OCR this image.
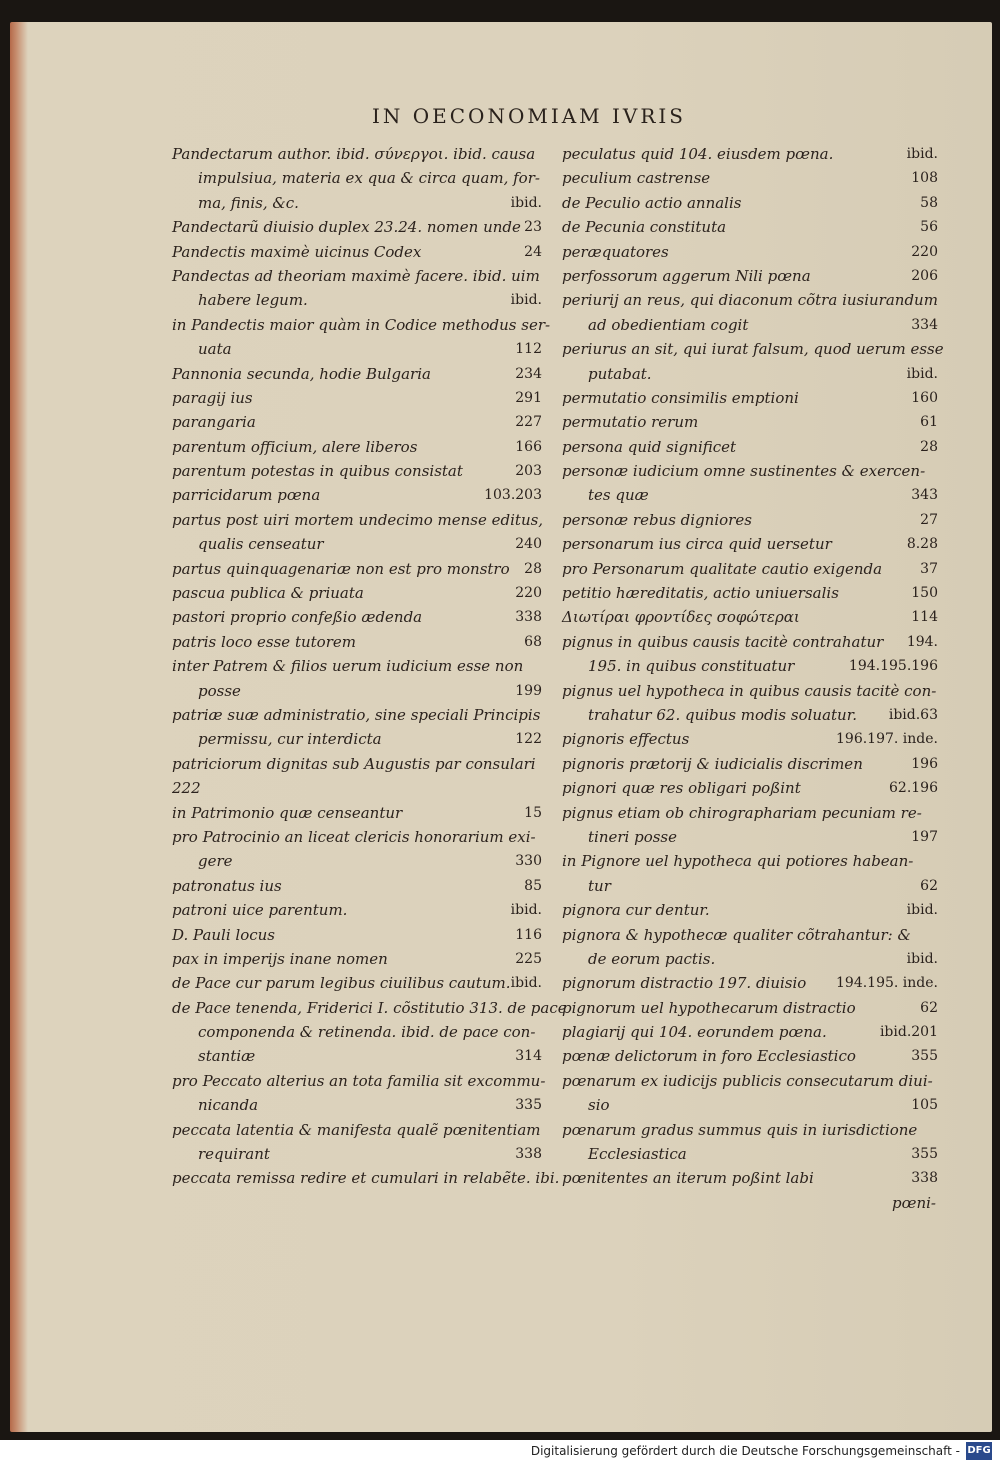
IN OECONOMIAM IVRIS
Pandectarum author. ibid. σύνεργοι. ibid. causa
impulsiua, materia ex qua & circa quam, for-
ma, finis, &c.	ibid.
Pandectarũ diuisio duplex 23.24. nomen unde 23
Pandectis maximè uicinus Codex	24
Pandectas ad theoriam maximè facere. ibid. uim
habere legum.	ibid.
in Pandectis maior quàm in Codice methodus ser-
uata	112
Pannonia secunda, hodie Bulgaria	234
paragij ius	291
parangaria	227
parentum officium, alere liberos	166
parentum potestas in quibus consistat	203
parricidarum pœna	103.203
partus post uiri mortem undecimo mense editus,
qualis censeatur	240
partus quinquagenariæ non est pro monstro 28
pascua publica & priuata	220
pastori proprio confeßio ædenda	338
patris loco esse tutorem	68
inter Patrem & filios uerum iudicium esse non
posse	199
patriæ suæ administratio, sine speciali Principis
permissu, cur interdicta	122
patriciorum dignitas sub Augustis par consulari
222
in Patrimonio quæ censeantur	15
pro Patrocinio an liceat clericis honorarium exi-
gere	330
patronatus ius	85
patroni uice parentum.	ibid.
D. Pauli locus	116
pax in imperijs inane nomen	225
de Pace cur parum legibus ciuilibus cautum. ibid.
de Pace tenenda, Friderici I. cõstitutio 313. de pace
componenda & retinenda. ibid. de pace con-
stantiæ	314
pro Peccato alterius an tota familia sit excommu-
nicanda	335
peccata latentia & manifesta qualẽ pœnitentiam
requirant	338
peccata remissa redire et cumulari in relabẽte. ibi.
peculatus quid 104. eiusdem pœna.	ibid.
peculium castrense	108
de Peculio actio annalis	58
de Pecunia constituta	56
peræquatores	220
perfossorum aggerum Nili pœna	206
periurij an reus, qui diaconum cõtra iusiurandum
ad obedientiam cogit	334
periurus an sit, qui iurat falsum, quod uerum esse
putabat.	ibid.
permutatio consimilis emptioni	160
permutatio rerum	61
persona quid significet	28
personæ iudicium omne sustinentes & exercen-
tes quæ	343
personæ rebus digniores	27
personarum ius circa quid uersetur	8.28
pro Personarum qualitate cautio exigenda	37
petitio hæreditatis, actio uniuersalis	150
Διωτίραι φροντίδες σοφώτεραι	114
pignus in quibus causis tacitè contrahatur 194.
195. in quibus constituatur	194.195.196
pignus uel hypotheca in quibus causis tacitè con-
trahatur 62. quibus modis soluatur. ibid.63
pignoris effectus	196.197. inde.
pignoris prætorij & iudicialis discrimen	196
pignori quæ res obligari poßint	62.196
pignus etiam ob chirographariam pecuniam re-
tineri posse	197
in Pignore uel hypotheca qui potiores habean-
tur	62
pignora cur dentur.	ibid.
pignora & hypothecæ qualiter cõtrahantur: &
de eorum pactis.	ibid.
pignorum distractio 197. diuisio 194.195. inde.
pignorum uel hypothecarum distractio	62
plagiarij qui 104. eorundem pœna.	ibid.201
pœnæ delictorum in foro Ecclesiastico	355
pœnarum ex iudicijs publicis consecutarum diui-
sio	105
pœnarum gradus summus quis in iurisdictione
Ecclesiastica	355
pœnitentes an iterum poßint labi	338
pœni-
Digitalisierung gefördert durch die Deutsche Forschungsgemeinschaft - DFG
